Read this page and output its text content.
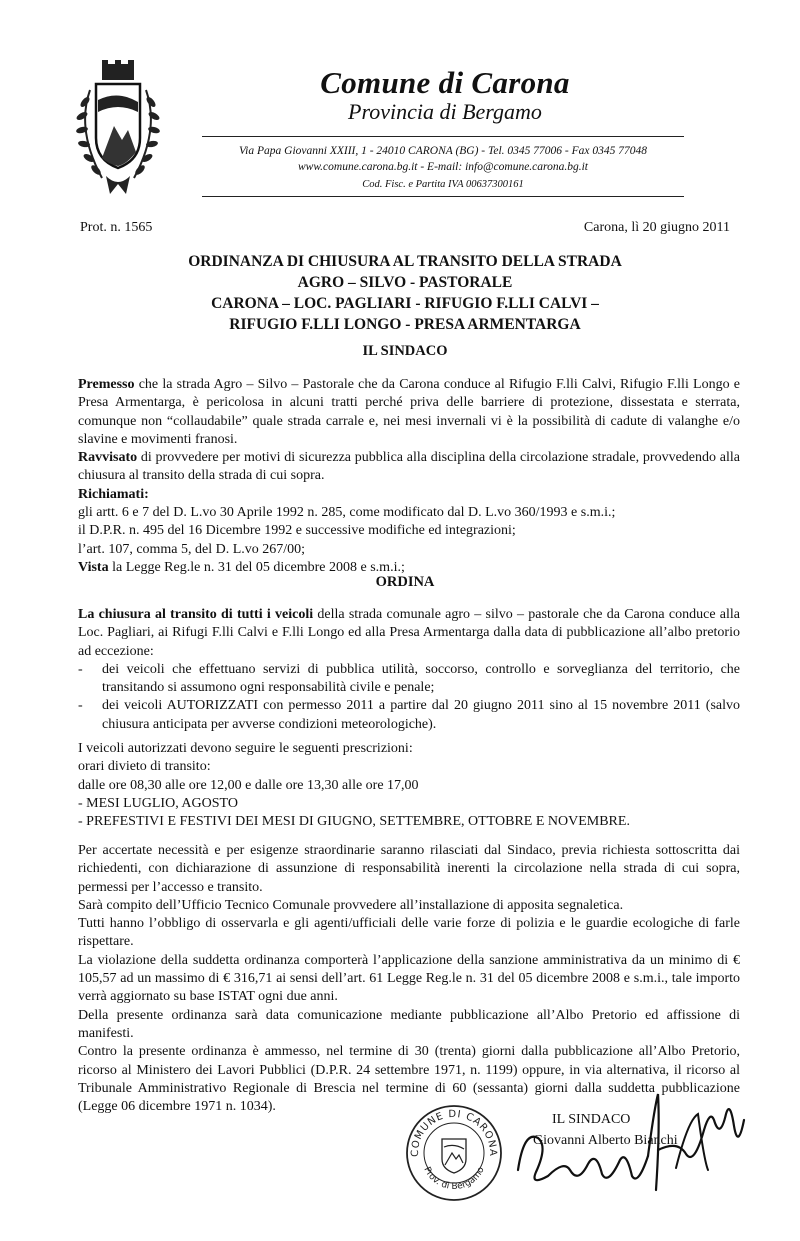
Comune di Carona
Provincia di Bergamo
Via Papa Giovanni XXIII, 1 - 24010 CARONA (BG) - Tel. 0345 77006 - Fax 0345 77048
www.comune.carona.bg.it - E-mail: info@comune.carona.bg.it
Cod. Fisc. e Partita IVA 00637300161
Prot. n. 1565	Carona, lì 20 giugno 2011
ORDINANZA DI CHIUSURA AL TRANSITO DELLA STRADA
AGRO – SILVO - PASTORALE
CARONA – LOC. PAGLIARI - RIFUGIO F.LLI CALVI –
RIFUGIO F.LLI LONGO - PRESA ARMENTARGA
IL SINDACO

Premesso che la strada Agro – Silvo – Pastorale che da Carona conduce al Rifugio F.lli Calvi, Rifugio F.lli Longo e Presa Armentarga, è pericolosa in alcuni tratti perché priva delle barriere di protezione, dissestata e sterrata, comunque non “collaudabile” quale strada carrale e, nei mesi invernali vi è la possibilità di cadute di valanghe e/o slavine e movimenti franosi.

Ravvisato di provvedere per motivi di sicurezza pubblica alla disciplina della circolazione stradale, provvedendo alla chiusura al transito della strada di cui sopra.

Richiamati:

gli artt. 6 e 7 del D. L.vo 30 Aprile 1992 n. 285, come modificato dal D. L.vo 360/1993 e s.m.i.;

il D.P.R. n. 495 del 16 Dicembre 1992 e successive modifiche ed integrazioni;

l’art. 107, comma 5, del D. L.vo 267/00;

Vista la Legge Reg.le n. 31 del 05 dicembre 2008 e s.m.i.;

ORDINA

La chiusura al transito di tutti i veicoli della strada comunale agro – silvo – pastorale che da Carona conduce alla Loc. Pagliari, ai Rifugi F.lli Calvi e F.lli Longo ed alla Presa Armentarga dalla data di pubblicazione all’albo pretorio ad eccezione:

- dei veicoli che effettuano servizi di pubblica utilità, soccorso, controllo e sorveglianza del territorio, che transitando si assumono ogni responsabilità civile e penale;
- dei veicoli AUTORIZZATI con permesso 2011 a partire dal 20 giugno 2011 sino al 15 novembre 2011 (salvo chiusura anticipata per avverse condizioni meteorologiche).

I veicoli autorizzati devono seguire le seguenti prescrizioni:

orari divieto di transito:

dalle ore 08,30 alle ore 12,00 e dalle ore 13,30 alle ore 17,00

- MESI LUGLIO, AGOSTO

- PREFESTIVI E FESTIVI DEI MESI DI GIUGNO, SETTEMBRE, OTTOBRE E NOVEMBRE.

Per accertate necessità e per esigenze straordinarie saranno rilasciati dal Sindaco, previa richiesta sottoscritta dai richiedenti, con dichiarazione di assunzione di responsabilità inerenti la circolazione nella strada di cui sopra, permessi per l’accesso e transito.

Sarà compito dell’Ufficio Tecnico Comunale provvedere all’installazione di apposita segnaletica.

Tutti hanno l’obbligo di osservarla e gli agenti/ufficiali delle varie forze di polizia e le guardie ecologiche di farle rispettare.

La violazione della suddetta ordinanza comporterà l’applicazione della sanzione amministrativa da un minimo di € 105,57 ad un massimo di € 316,71 ai sensi dell’art. 61 Legge Reg.le n. 31 del 05 dicembre 2008 e s.m.i., tale importo verrà aggiornato su base ISTAT ogni due anni.

Della presente ordinanza sarà data comunicazione mediante pubblicazione all’Albo Pretorio ed affissione di manifesti.

Contro la presente ordinanza è ammesso, nel termine di 30 (trenta) giorni dalla pubblicazione all’Albo Pretorio, ricorso al Ministero dei Lavori Pubblici (D.P.R. 24 settembre 1971, n. 1199) oppure, in via alternativa, il ricorso al Tribunale Amministrativo Regionale di Brescia nel termine di 60 (sessanta) giorni dalla suddetta pubblicazione (Legge 06 dicembre 1971 n. 1034).

COMUNE DI CARONA
Prov. di Bergamo
IL SINDACO
Giovanni Alberto Bianchi
